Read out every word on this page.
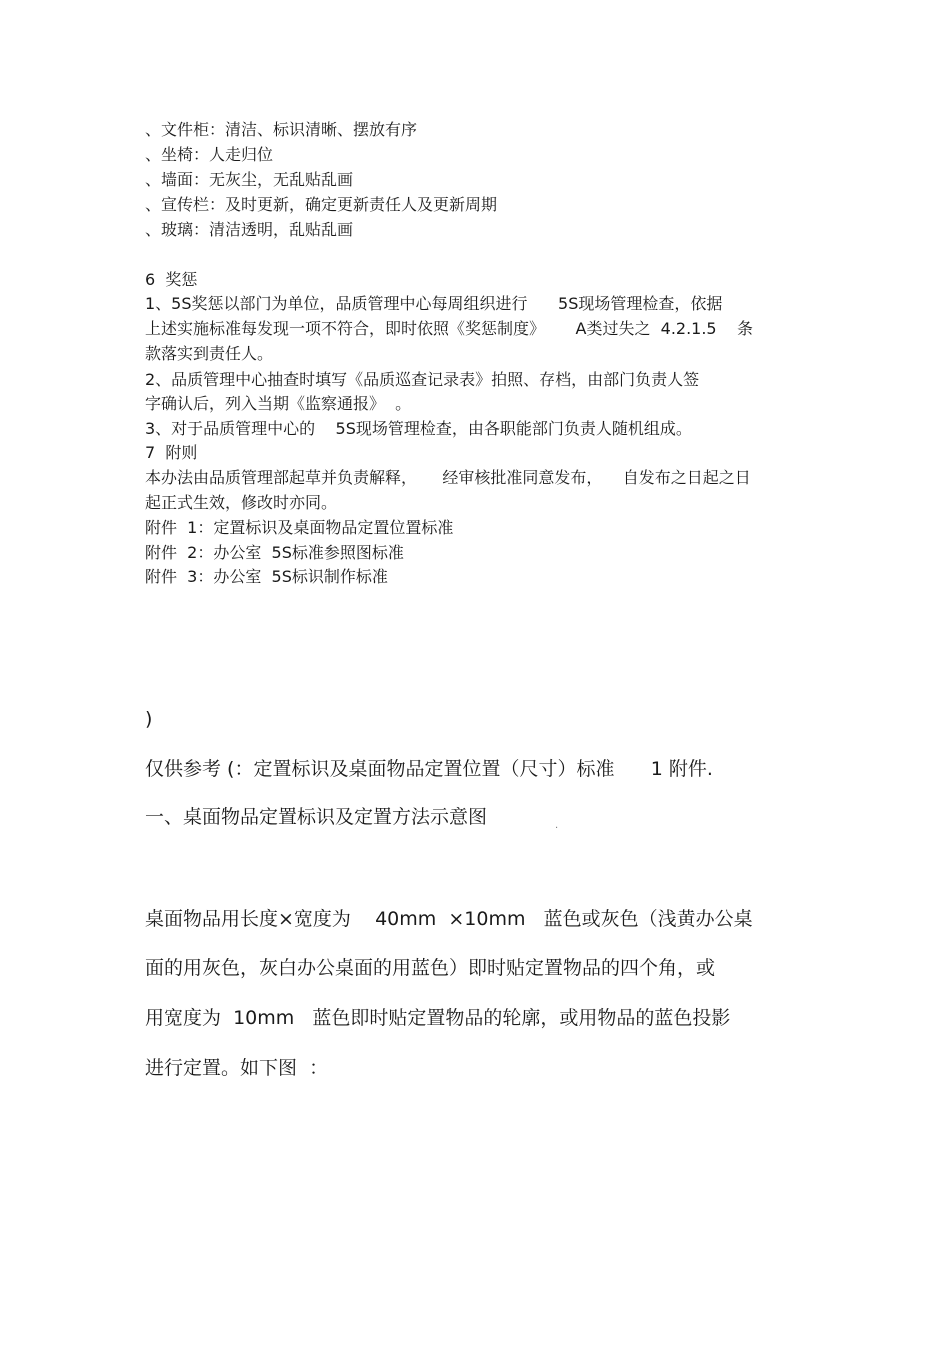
、文件柜：清洁、标识清晰、摆放有序

、坐椅：人走归位

、墙面：无灰尘，无乱贴乱画

、宣传栏：及时更新，确定更新责任人及更新周期

、玻璃：清洁透明，乱贴乱画

6  奖惩

1、5S奖惩以部门为单位，品质管理中心每周组织进行      5S现场管理检查，依据

上述实施标准每发现一项不符合，即时依照《奖惩制度》      A类过失之  4.2.1.5    条

款落实到责任人。

2、品质管理中心抽查时填写《品质巡查记录表》拍照、存档，由部门负责人签

字确认后，列入当期《监察通报》  。

3、对于品质管理中心的    5S现场管理检查，由各职能部门负责人随机组成。

7  附则

本办法由品质管理部起草并负责解释，     经审核批准同意发布，    自发布之日起之日

起正式生效，修改时亦同。

附件  1：定置标识及桌面物品定置位置标准

附件  2：办公室  5S标准参照图标准

附件  3：办公室  5S标识制作标准

)

仅供参考 (：定置标识及桌面物品定置位置（尺寸）标准      1 附件.

一、桌面物品定置标识及定置方法示意图	.

桌面物品用长度×宽度为    40mm  ×10mm   蓝色或灰色（浅黄办公桌

面的用灰色，灰白办公桌面的用蓝色）即时贴定置物品的四个角，或

用宽度为  10mm   蓝色即时贴定置物品的轮廓，或用物品的蓝色投影

进行定置。如下图  ：
